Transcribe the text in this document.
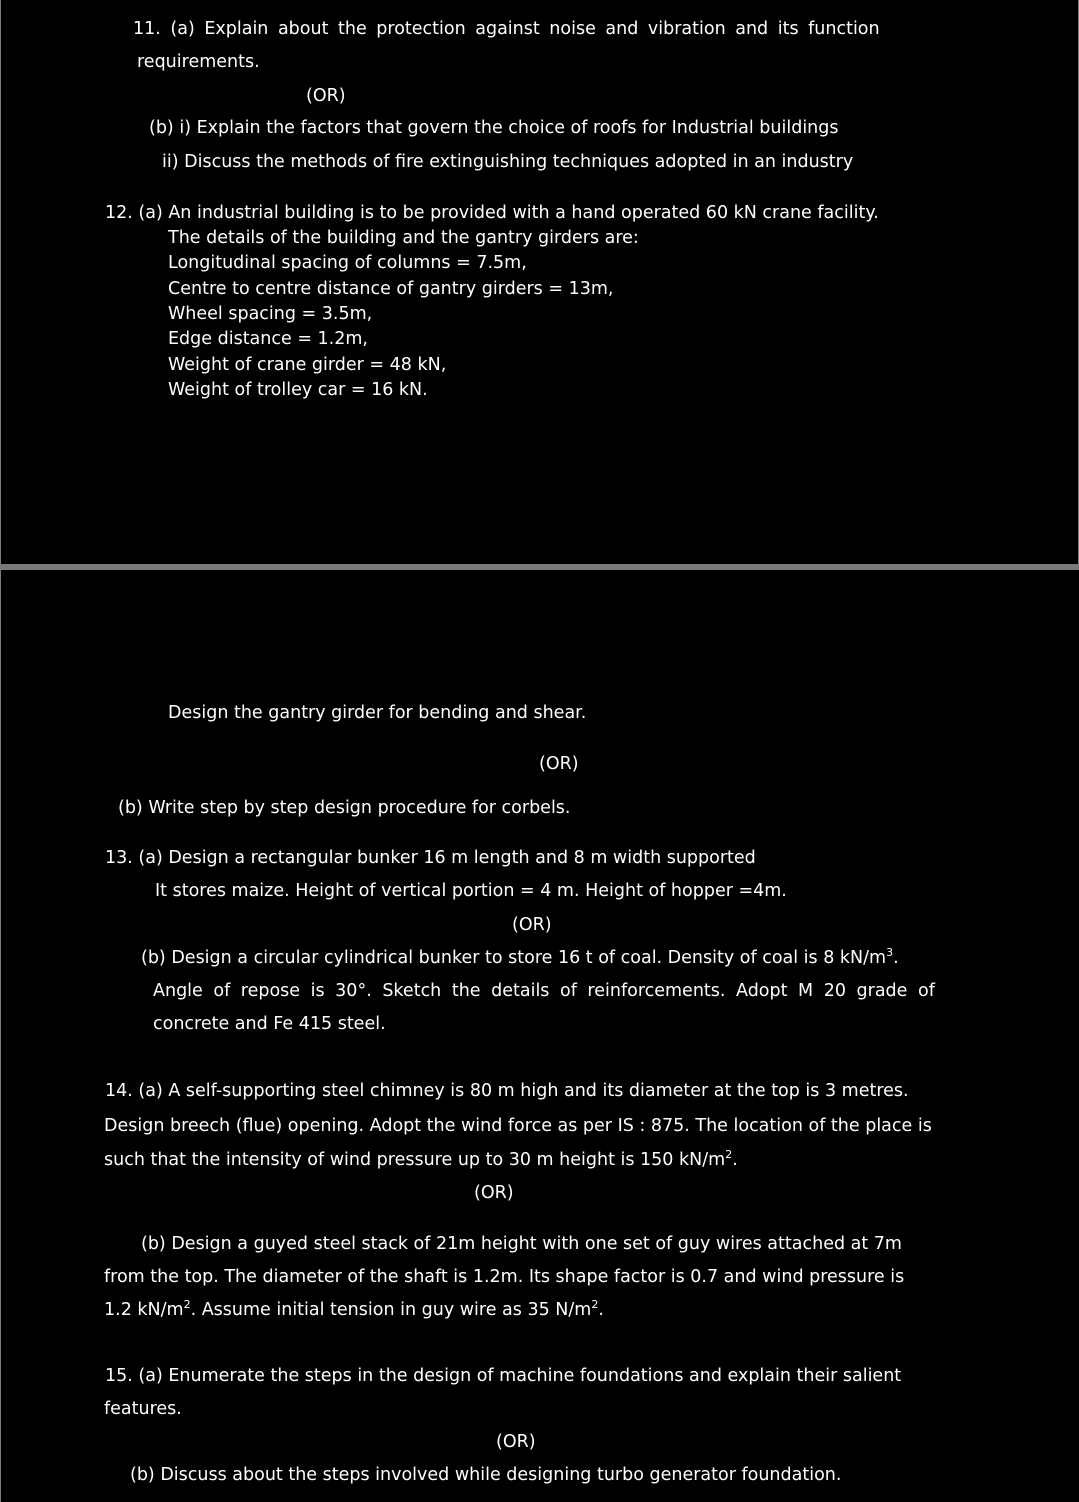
11. (a) Explain about the protection against noise and vibration and its function
requirements.
(OR)
(b) i) Explain the factors that govern the choice of roofs for Industrial buildings
ii) Discuss the methods of fire extinguishing techniques adopted in an industry
12. (a) An industrial building is to be provided with a hand operated 60 kN crane facility.
The details of the building and the gantry girders are:
Longitudinal spacing of columns = 7.5m,
Centre to centre distance of gantry girders = 13m,
Wheel spacing = 3.5m,
Edge distance = 1.2m,
Weight of crane girder = 48 kN,
Weight of trolley car = 16 kN.
Design the gantry girder for bending and shear.
(OR)
(b) Write step by step design procedure for corbels.
13. (a) Design a rectangular bunker 16 m length and 8 m width supported
It stores maize. Height of vertical portion = 4 m. Height of hopper =4m.
(OR)
(b) Design a circular cylindrical bunker to store 16 t of coal. Density of coal is 8 $kN/m^3$.
Angle of repose is 30°. Sketch the details of reinforcements. Adopt M 20 grade of
concrete and Fe 415 steel.
14. (a) A self-supporting steel chimney is 80 m high and its diameter at the top is 3 metres.
Design breech (flue) opening. Adopt the wind force as per IS : 875. The location of the place is
such that the intensity of wind pressure up to 30 m height is 150 $kN/m^2$.
(OR)
(b) Design a guyed steel stack of 21m height with one set of guy wires attached at 7m
from the top. The diameter of the shaft is 1.2m. Its shape factor is 0.7 and wind pressure is
1.2 $kN/m^2$. Assume initial tension in guy wire as 35 $N/m^2$.
15. (a) Enumerate the steps in the design of machine foundations and explain their salient
features.
(OR)
(b) Discuss about the steps involved while designing turbo generator foundation.
